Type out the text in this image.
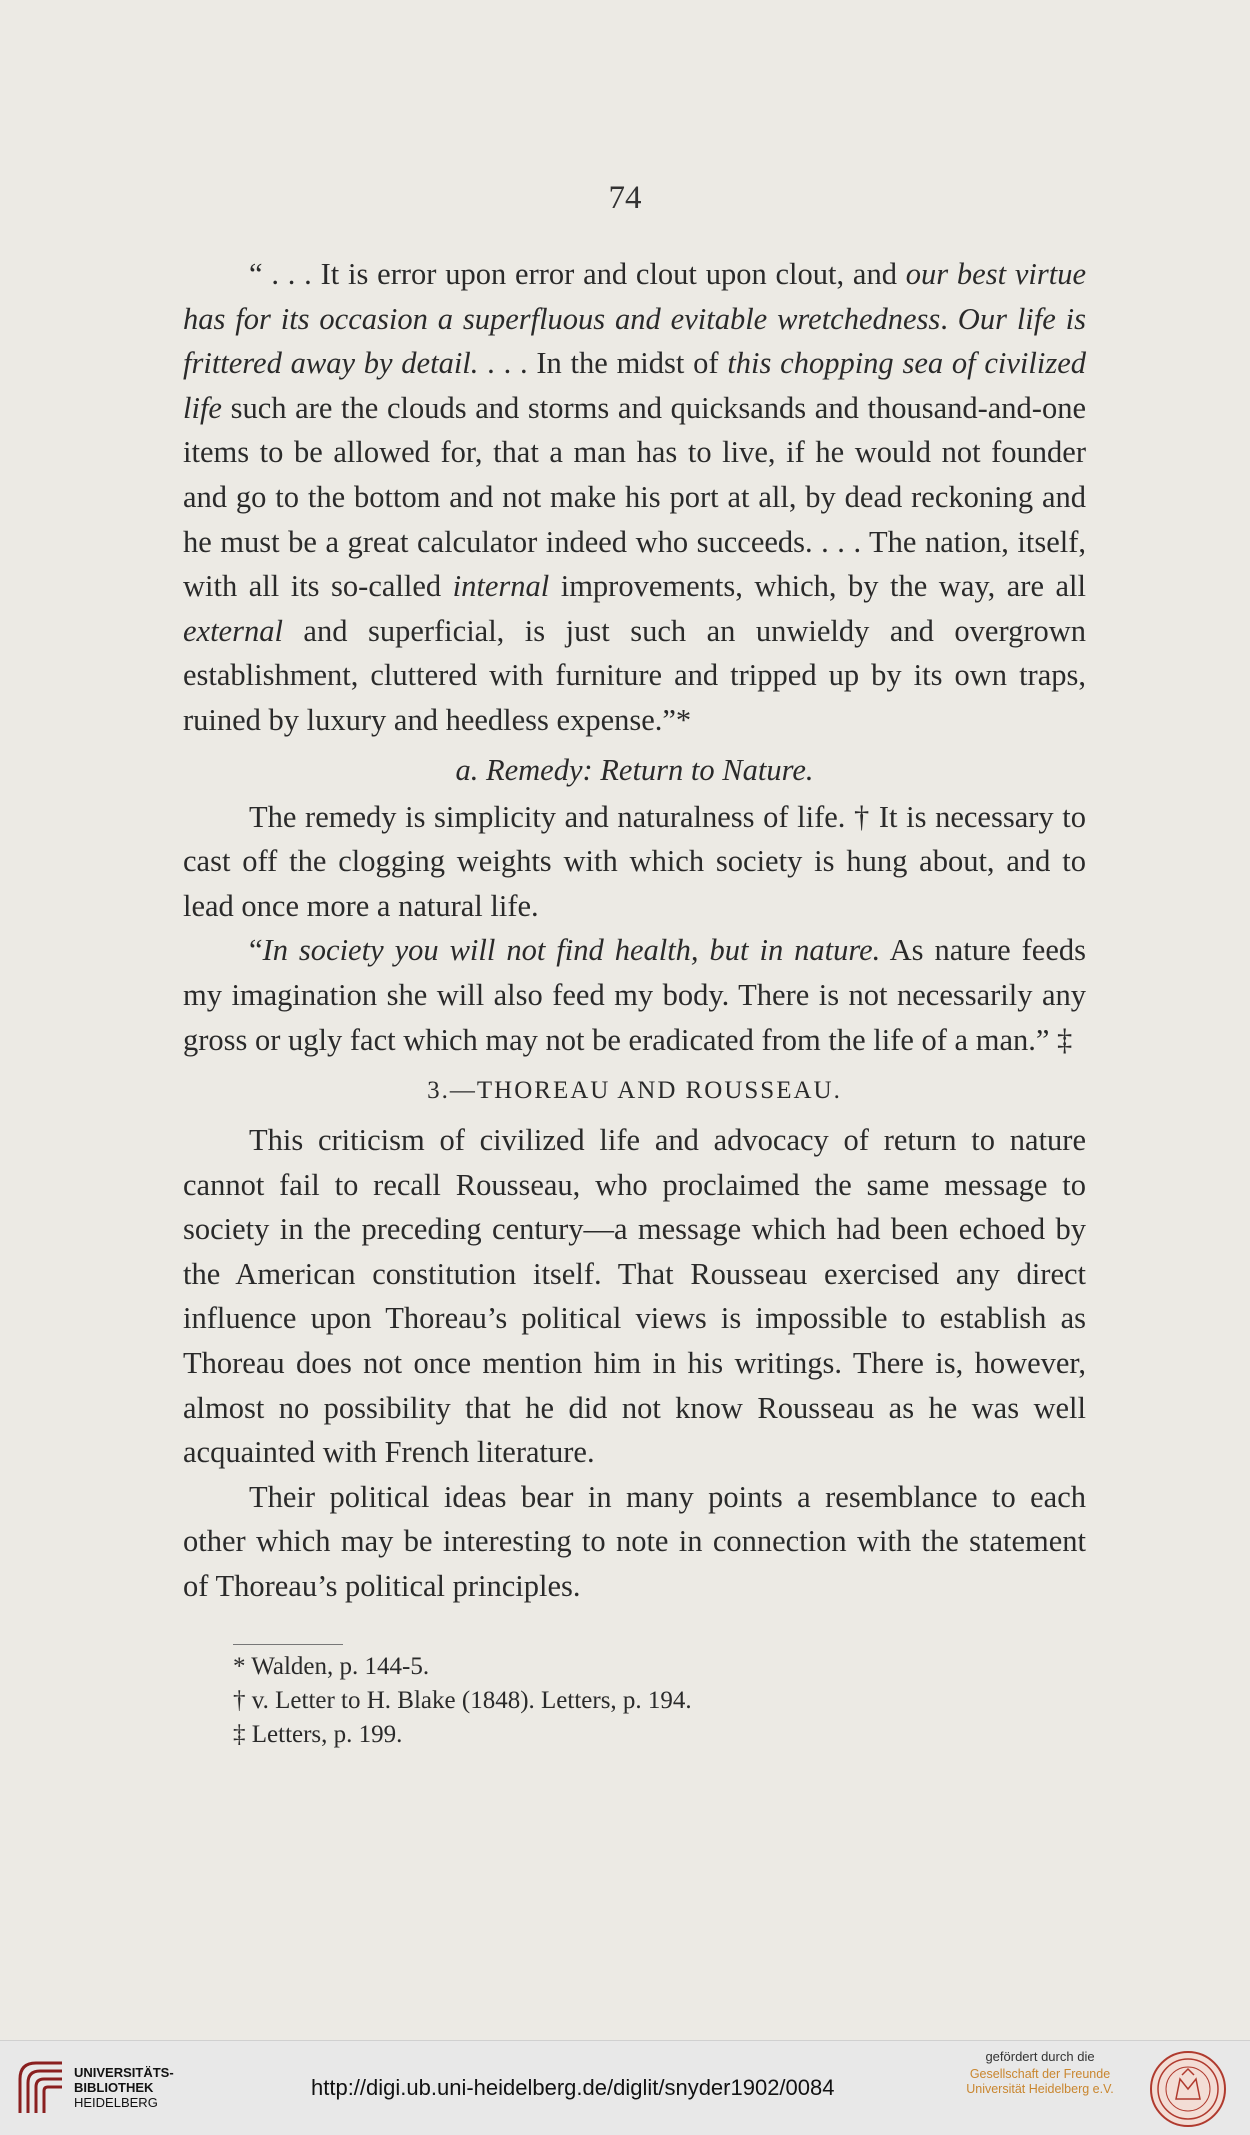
74

“ . . . It is error upon error and clout upon clout, and our best virtue has for its occasion a superfluous and evitable wretchedness. Our life is frittered away by detail. . . . In the midst of this chopping sea of civilized life such are the clouds and storms and quicksands and thousand-and-one items to be allowed for, that a man has to live, if he would not founder and go to the bottom and not make his port at all, by dead reckoning and he must be a great calculator indeed who succeeds. . . . The nation, itself, with all its so-called internal improvements, which, by the way, are all external and superficial, is just such an unwieldy and overgrown establishment, cluttered with furniture and tripped up by its own traps, ruined by luxury and heedless expense.”*

a. Remedy: Return to Nature.

The remedy is simplicity and naturalness of life. † It is necessary to cast off the clogging weights with which society is hung about, and to lead once more a natural life.

“In society you will not find health, but in nature. As nature feeds my imagination she will also feed my body. There is not necessarily any gross or ugly fact which may not be eradicated from the life of a man.” ‡

3.—THOREAU AND ROUSSEAU.

This criticism of civilized life and advocacy of return to nature cannot fail to recall Rousseau, who proclaimed the same message to society in the preceding century—a message which had been echoed by the American constitution itself. That Rousseau exercised any direct influence upon Thoreau’s political views is impossible to establish as Thoreau does not once mention him in his writings. There is, however, almost no possibility that he did not know Rousseau as he was well acquainted with French literature.

Their political ideas bear in many points a resemblance to each other which may be interesting to note in connection with the statement of Thoreau’s political principles.

* Walden, p. 144-5.
† v. Letter to H. Blake (1848). Letters, p. 194.
‡ Letters, p. 199.
UNIVERSITÄTS-
BIBLIOTHEK
HEIDELBERG
http://digi.ub.uni-heidelberg.de/diglit/snyder1902/0084
gefördert durch die
Gesellschaft der Freunde
Universität Heidelberg e.V.
